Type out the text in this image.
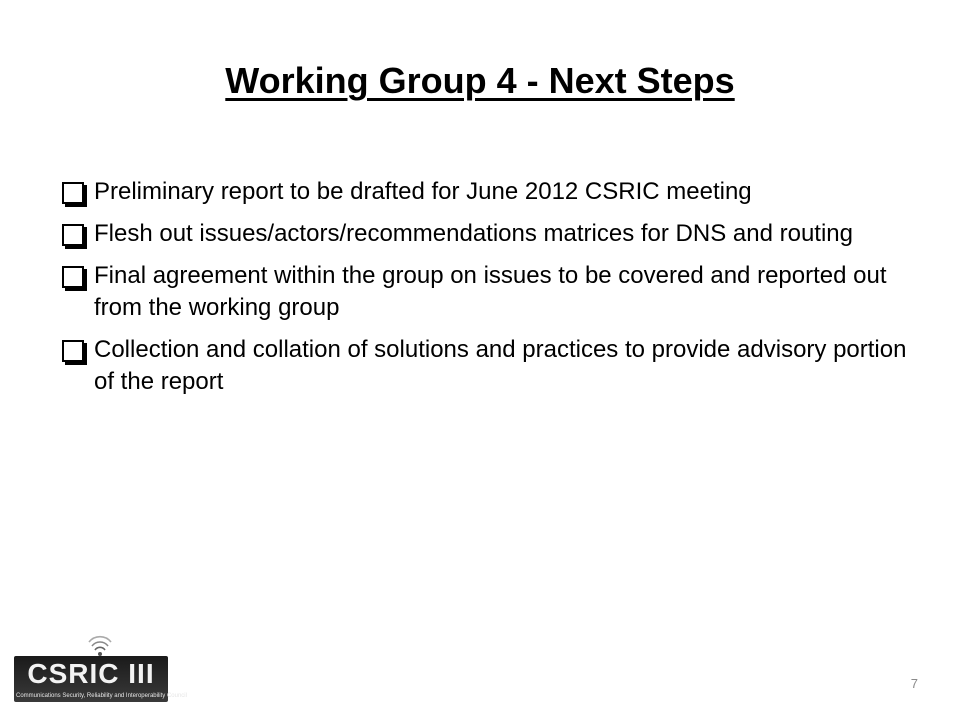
Working Group 4 - Next Steps
Preliminary report to be drafted for June 2012 CSRIC meeting
Flesh out issues/actors/recommendations matrices for DNS and routing
Final agreement within the group on issues to be covered and reported out from the working group
Collection and collation of solutions and practices to provide advisory portion of the report
CSRIC III
Communications Security, Reliability and Interoperability Council
7
